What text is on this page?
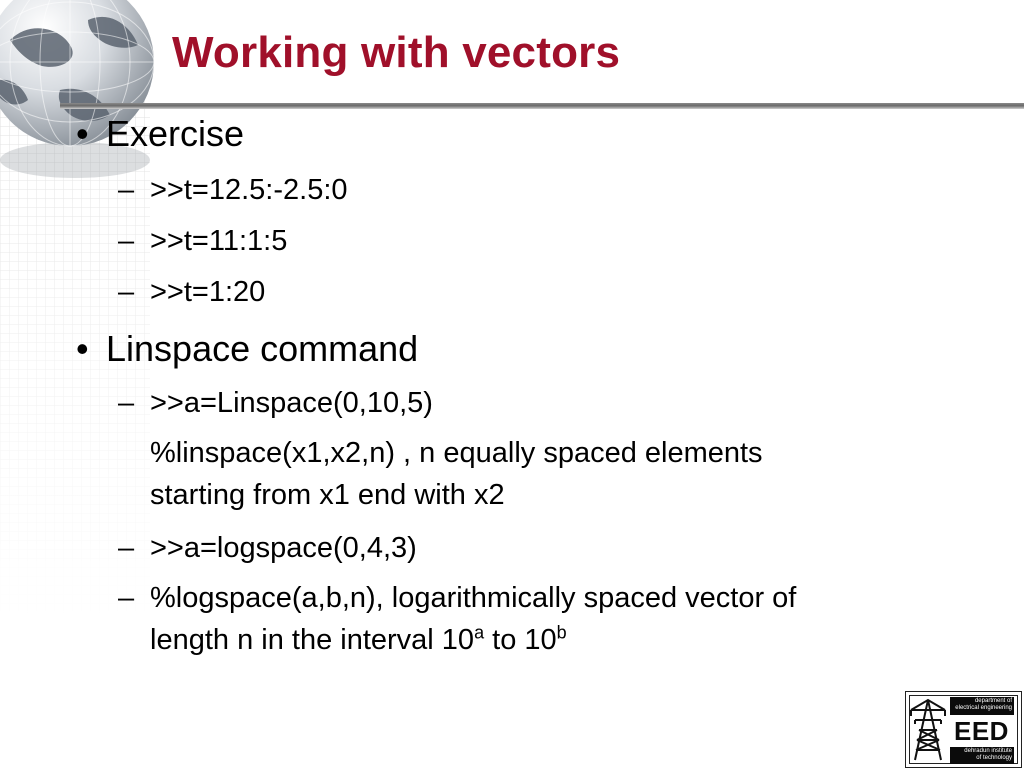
Working with vectors
• Exercise
– >>t=12.5:-2.5:0
– >>t=11:1:5
– >>t=1:20
• Linspace command
– >>a=Linspace(0,10,5)
%linspace(x1,x2,n) , n equally spaced elements
starting from x1 end with x2
– >>a=logspace(0,4,3)
– %logspace(a,b,n), logarithmically spaced vector of
length n in the interval 10$^a$ to 10$^b$
department of
electrical engineering
EED
dehradun institute
of technology
